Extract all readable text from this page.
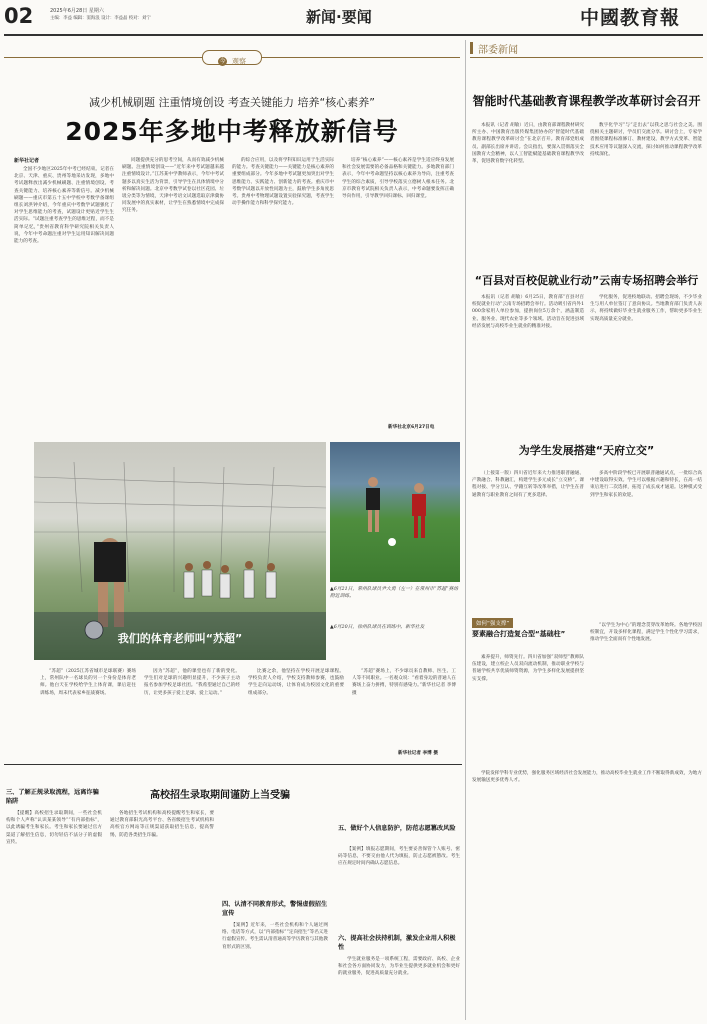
02	2025年6月28日 星期六
主编：李益 编辑：窦海浪 设计：李益晶 校对：刘宁	新闻·要闻	中國教育報
今 观察
减少机械刷题 注重情境创设 考查关键能力 培养“核心素养”
2025年多地中考释放新信号
新华社记者

全国不少地区2025年中考已经结束。记者在北京、天津、重庆、贵州等地采访发现，多地中考试题释放出减少机械刷题、注重情境创设、考查关键能力、培养核心素养等新信号。减少机械刷题——重庆市第五十五中学校中考数学备课组组长刘洪钟介绍，今年重庆中考数学试题强化了对学生思维能力的考查，试题设计更贴近学生生活实际。“试题注重考查学生的思维过程，而不是简单记忆，”贵州省教育科学研究院相关负责人说，今年中考命题注重对学生运用知识解决问题能力的考查。

同题提供充分的思考空间，从而有效减少机械刷题。注重情境创设——“近年来中考试题越来越注重情境设计。”江苏某中学教师表示，今年中考试题多以真实生活为背景，引导学生在具体情境中分析和解决问题。北京中考数学试卷以社区花园、垃圾分类等为情境，天津中考语文试题选取京津冀协同发展中的真实素材，让学生在熟悉情境中完成探究任务。

的综合应用，以及将学科知识运用于生活实际的能力。考查关键能力——关键能力是核心素养的重要组成部分。今年多地中考试题更加突出对学生思维能力、实践能力、创新能力的考查。重庆市中考数学试题以开放性问题为主，鼓励学生多角度思考。贵州中考物理试题设置实验探究题，考查学生动手操作能力和科学探究能力。

培养“核心素养”——核心素养是学生适应终身发展和社会发展需要的必备品格和关键能力。多地教育部门表示，今年中考命题坚持以核心素养为导向，注重考查学生的综合素质，引导学校落实立德树人根本任务。北京市教育考试院相关负责人表示，中考命题要发挥正确导向作用，引导教学回归课标、回归课堂。

新华社北京6月27日电
部委新闻
智能时代基础教育课程教学改革研讨会召开

本报讯（记者 胡敏）近日，由教育部课程教材研究所主办、中国教育出版传媒集团协办的“智能时代基础教育课程教学改革研讨会”在北京召开。教育部党组成员、副部长出席并讲话。会议指出，要深入贯彻落实全国教育大会精神，以人工智能赋能基础教育课程教学改革，促进教育数字化转型。

数字化学习”与“走出去”以我之思与社会之美。围绕相关主题研讨，学员们交流分享。研讨会上，专家学者围绕课程标准修订、教材建设、教学方式变革、智能技术应用等议题深入交流，探讨如何推动课程教学改革持续深化。

“百县对百校促就业行动”云南专场招聘会举行

本报讯（记者 胡敏）6月25日，教育部“百县对百校促就业行动”云南专场招聘会举行。活动吸引省内外1000余家用人单位参加，提供岗位5万余个，涵盖制造业、服务业、现代农业等多个领域。活动旨在促进县域经济发展与高校毕业生就业的精准对接。

学化服务，促进校地联动。招聘会现场，不少毕业生与用人单位签订了意向协议。当地教育部门负责人表示，将持续做好毕业生就业服务工作，帮助更多毕业生实现高质量充分就业。

我们的体育老师叫“苏超”
▲6月21日，常州队球员尹大勇（左一）在常州市“苏超”赛场附近训练。
▲6月20日，徐州队球员在训练中。新华社发

“苏超”（2025江苏省城市足球联赛）赛场上，常州队中一名球员的另一个身份是体育老师。他白天在学校给学生上体育课，课后赶往训练场，周末代表家乡征战赛场。

因为“苏超”，他的课堂也有了新的变化。学生们对足球的兴趣明显提升，不少孩子主动报名参加学校足球社团。“我希望通过自己的经历，让更多孩子爱上足球、爱上运动。”

比赛之余，他坚持在学校开展足球课程。学校负责人介绍，学校支持教师参赛，也鼓励学生走向运动场，让体育成为校园文化的重要组成部分。

“苏超”赛场上，不少球员来自教师、医生、工人等不同职业。一名观众说：“看着身边的普通人在赛场上奋力拼搏，特别有感染力。”新华社记者 李博 摄

新华社记者 李博 摄
为学生发展搭建“天府立交”

（上接第一版）四川省近年来大力推进职普融通、产教融合、科教融汇，构建学生多元成长“立交桥”。课程对接、学分互认、学籍互转等改革举措，让学生在普通教育与职业教育之间有了更多选择。

多高中阶段学校已开展职普融通试点，一批综合高中建设取得实效。学生可以根据兴趣和特长，在高一结束后进行二次选择，拓宽了成长成才通道。这种模式受到学生和家长的欢迎。

如何“强支撑”
要素融合打造复合型“基础柱”

素养提升，师资先行。四川省加强“双师型”教师队伍建设，建立校企人员双向流动机制，推动职业学校与普通学校共享优质师资资源，为学生多样化发展提供坚实支撑。

“以学生为中心”的理念贯穿改革始终。各地学校因校制宜，开设多样化课程，满足学生个性化学习需求，推动学生全面而有个性地发展。

三、了解正规录取流程，远离诈骗陷阱

【提醒】高校招生录取期间，一些社会机构和个人声称“认识某某领导”“有内部指标”，以此诱骗考生和家长。考生和家长要通过官方渠道了解招生信息，切勿轻信不法分子的虚假宣传。

高校招生录取期间谨防上当受骗

各地招生考试机构和高校提醒考生和家长，要通过教育部阳光高考平台、各省级招生考试机构和高校官方网站等正规渠道获取招生信息，提高警惕，防范各类招生诈骗。

四、认清不同教育形式，警惕虚假招生宣传

【案例】近年来，一些社会机构和个人通过网络、电话等方式，以“内部指标”“定向招生”等名义进行虚假宣传。考生需认清普通高等学历教育与其他教育形式的区别。

五、做好个人信息防护，防范志愿篡改风险

【案例】填报志愿期间，考生要妥善保管个人账号、密码等信息，不要交由他人代为填报，防止志愿被篡改。考生应在规定时间内确认志愿信息。

六、提高社会扶持机制，激发企业用人积极性

学生就业服务是一项系统工程，需要政府、高校、企业和社会各方面协同发力，为毕业生提供更多就业机会和更好的就业服务，促进高质量充分就业。

学院发挥学科专业优势，强化服务区域经济社会发展能力，推动高校毕业生就业工作不断取得新成效，为地方发展输送更多优秀人才。
